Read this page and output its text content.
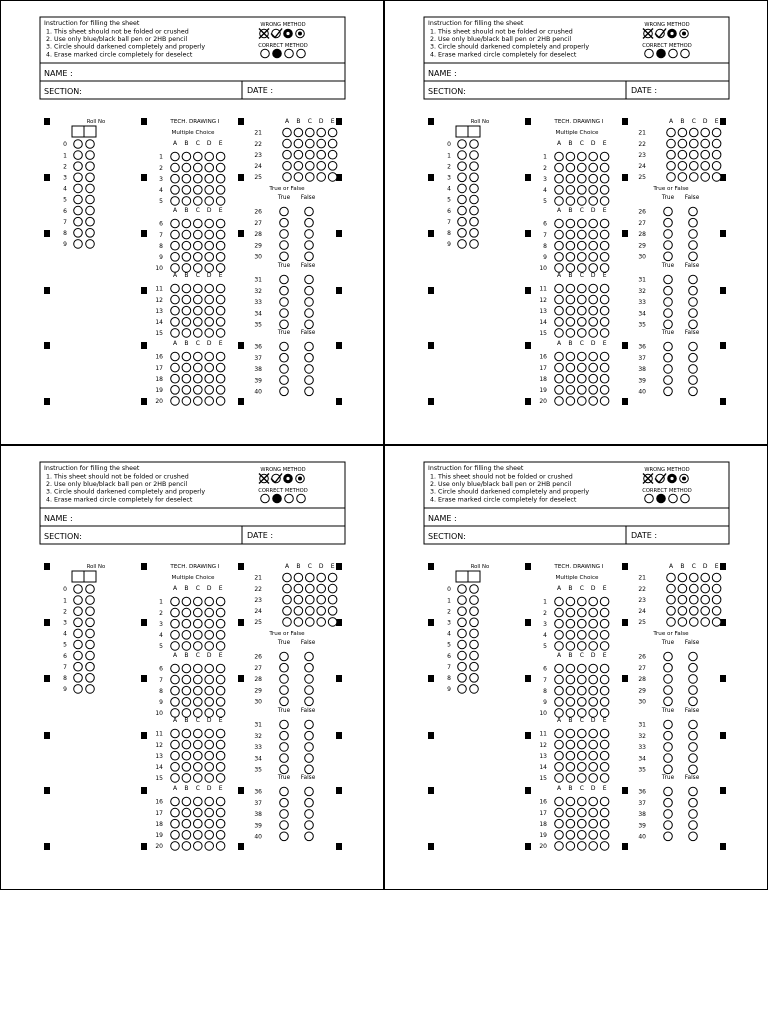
Instruction for filling the sheet
1. This sheet should not be folded or crushed
2. Use only blue/black ball pen or 2HB pencil
3. Circle should darkened completely and properly
4. Erase marked circle completely for deselect
WRONG METHOD
CORRECT METHOD
NAME :
SECTION:	DATE :
Roll No
0
1
2
3
4
5
6
7
8
9
TECH. DRAWING I
Multiple Choice
A B C D E
1
2
3
4
5
A B C D E
6
7
8
9
10
A B C D E
11
12
13
14
15
A B C D E
16
17
18
19
20
A B C D E
21
22
23
24
25
True or False
True False
26
27
28
29
30
True False
31
32
33
34
35
True False
36
37
38
39
40
Instruction for filling the sheet
1. This sheet should not be folded or crushed
2. Use only blue/black ball pen or 2HB pencil
3. Circle should darkened completely and properly
4. Erase marked circle completely for deselect
WRONG METHOD
CORRECT METHOD
NAME :
SECTION:	DATE :
Roll No
0
1
2
3
4
5
6
7
8
9
TECH. DRAWING I
Multiple Choice
A B C D E
1
2
3
4
5
A B C D E
6
7
8
9
10
A B C D E
11
12
13
14
15
A B C D E
16
17
18
19
20
A B C D E
21
22
23
24
25
True or False
True False
26
27
28
29
30
True False
31
32
33
34
35
True False
36
37
38
39
40
Instruction for filling the sheet
1. This sheet should not be folded or crushed
2. Use only blue/black ball pen or 2HB pencil
3. Circle should darkened completely and properly
4. Erase marked circle completely for deselect
WRONG METHOD
CORRECT METHOD
NAME :
SECTION:	DATE :
Roll No
0
1
2
3
4
5
6
7
8
9
TECH. DRAWING I
Multiple Choice
A B C D E
1
2
3
4
5
A B C D E
6
7
8
9
10
A B C D E
11
12
13
14
15
A B C D E
16
17
18
19
20
A B C D E
21
22
23
24
25
True or False
True False
26
27
28
29
30
True False
31
32
33
34
35
True False
36
37
38
39
40
Instruction for filling the sheet
1. This sheet should not be folded or crushed
2. Use only blue/black ball pen or 2HB pencil
3. Circle should darkened completely and properly
4. Erase marked circle completely for deselect
WRONG METHOD
CORRECT METHOD
NAME :
SECTION:	DATE :
Roll No
0
1
2
3
4
5
6
7
8
9
TECH. DRAWING I
Multiple Choice
A B C D E
1
2
3
4
5
A B C D E
6
7
8
9
10
A B C D E
11
12
13
14
15
A B C D E
16
17
18
19
20
A B C D E
21
22
23
24
25
True or False
True False
26
27
28
29
30
True False
31
32
33
34
35
True False
36
37
38
39
40
